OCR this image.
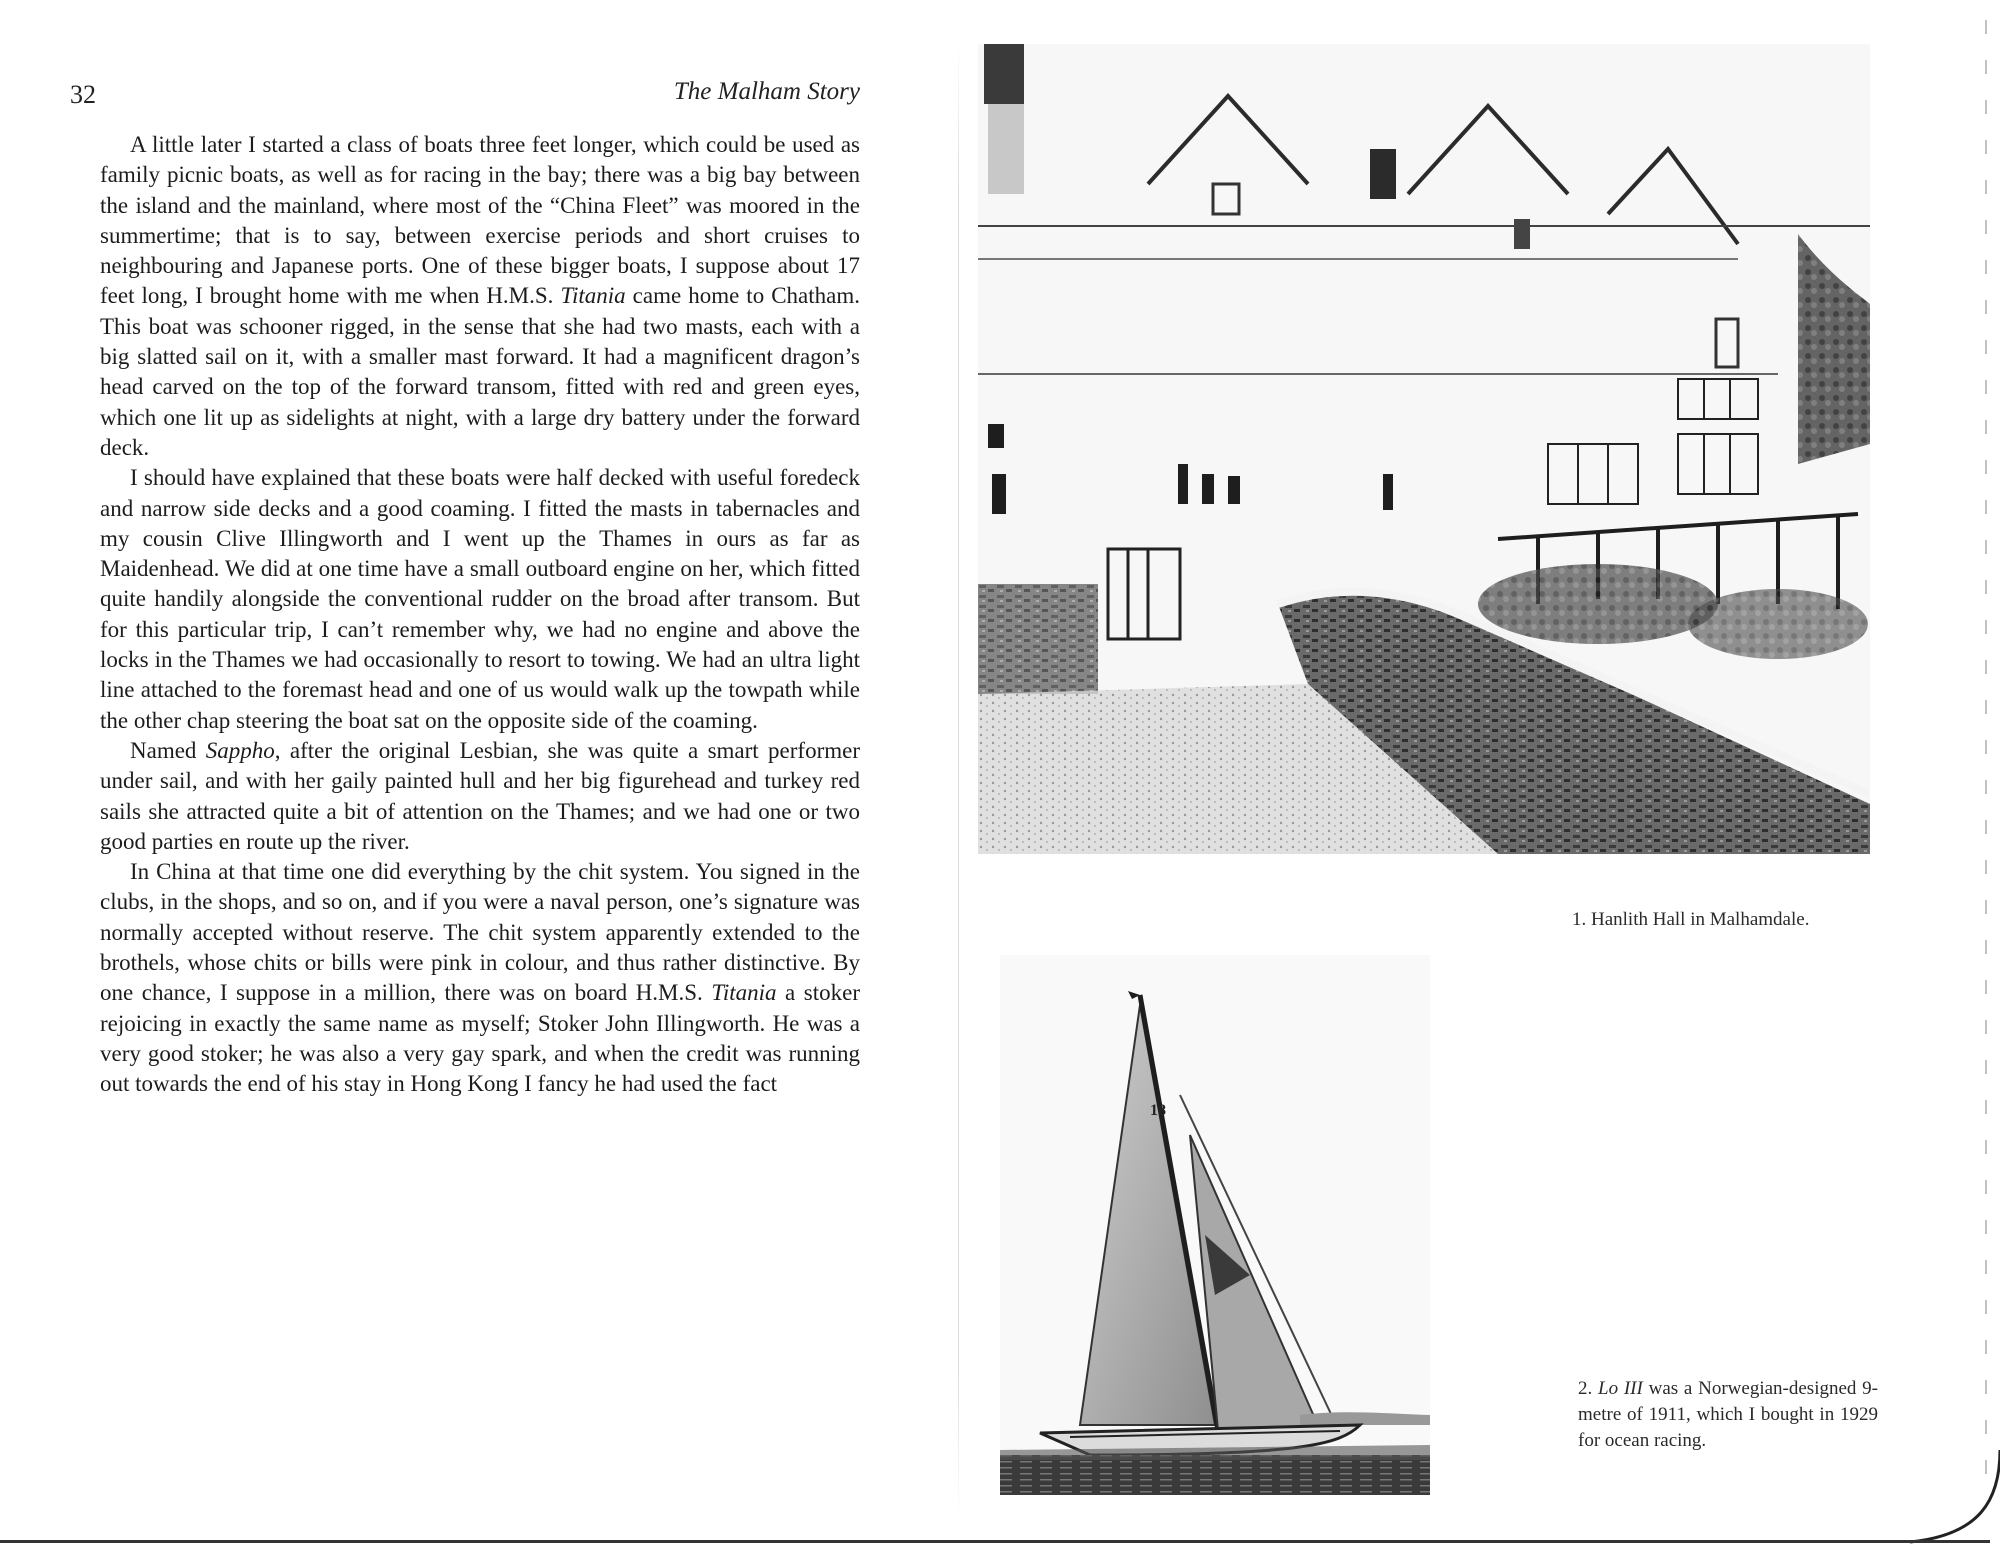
32	The Malham Story

A little later I started a class of boats three feet longer, which could be used as family picnic boats, as well as for racing in the bay; there was a big bay between the island and the mainland, where most of the “China Fleet” was moored in the summertime; that is to say, between exercise periods and short cruises to neighbouring and Japanese ports. One of these bigger boats, I suppose about 17 feet long, I brought home with me when H.M.S. Titania came home to Chatham. This boat was schooner rigged, in the sense that she had two masts, each with a big slatted sail on it, with a smaller mast forward. It had a magnificent dragon’s head carved on the top of the forward transom, fitted with red and green eyes, which one lit up as sidelights at night, with a large dry battery under the forward deck.

I should have explained that these boats were half decked with useful foredeck and narrow side decks and a good coaming. I fitted the masts in tabernacles and my cousin Clive Illingworth and I went up the Thames in ours as far as Maidenhead. We did at one time have a small outboard engine on her, which fitted quite handily alongside the conventional rudder on the broad after transom. But for this particular trip, I can’t remember why, we had no engine and above the locks in the Thames we had occasionally to resort to towing. We had an ultra light line attached to the foremast head and one of us would walk up the towpath while the other chap steering the boat sat on the opposite side of the coaming.

Named Sappho, after the original Lesbian, she was quite a smart performer under sail, and with her gaily painted hull and her big figurehead and turkey red sails she attracted quite a bit of attention on the Thames; and we had one or two good parties en route up the river.

In China at that time one did everything by the chit system. You signed in the clubs, in the shops, and so on, and if you were a naval person, one’s signature was normally accepted without reserve. The chit system apparently extended to the brothels, whose chits or bills were pink in colour, and thus rather distinctive. By one chance, I suppose in a million, there was on board H.M.S. Titania a stoker rejoicing in exactly the same name as myself; Stoker John Illingworth. He was a very good stoker; he was also a very gay spark, and when the credit was running out towards the end of his stay in Hong Kong I fancy he had used the fact

1. Hanlith Hall in Malhamdale.
18
2. Lo III was a Norwegian-designed 9-metre of 1911, which I bought in 1929 for ocean racing.
